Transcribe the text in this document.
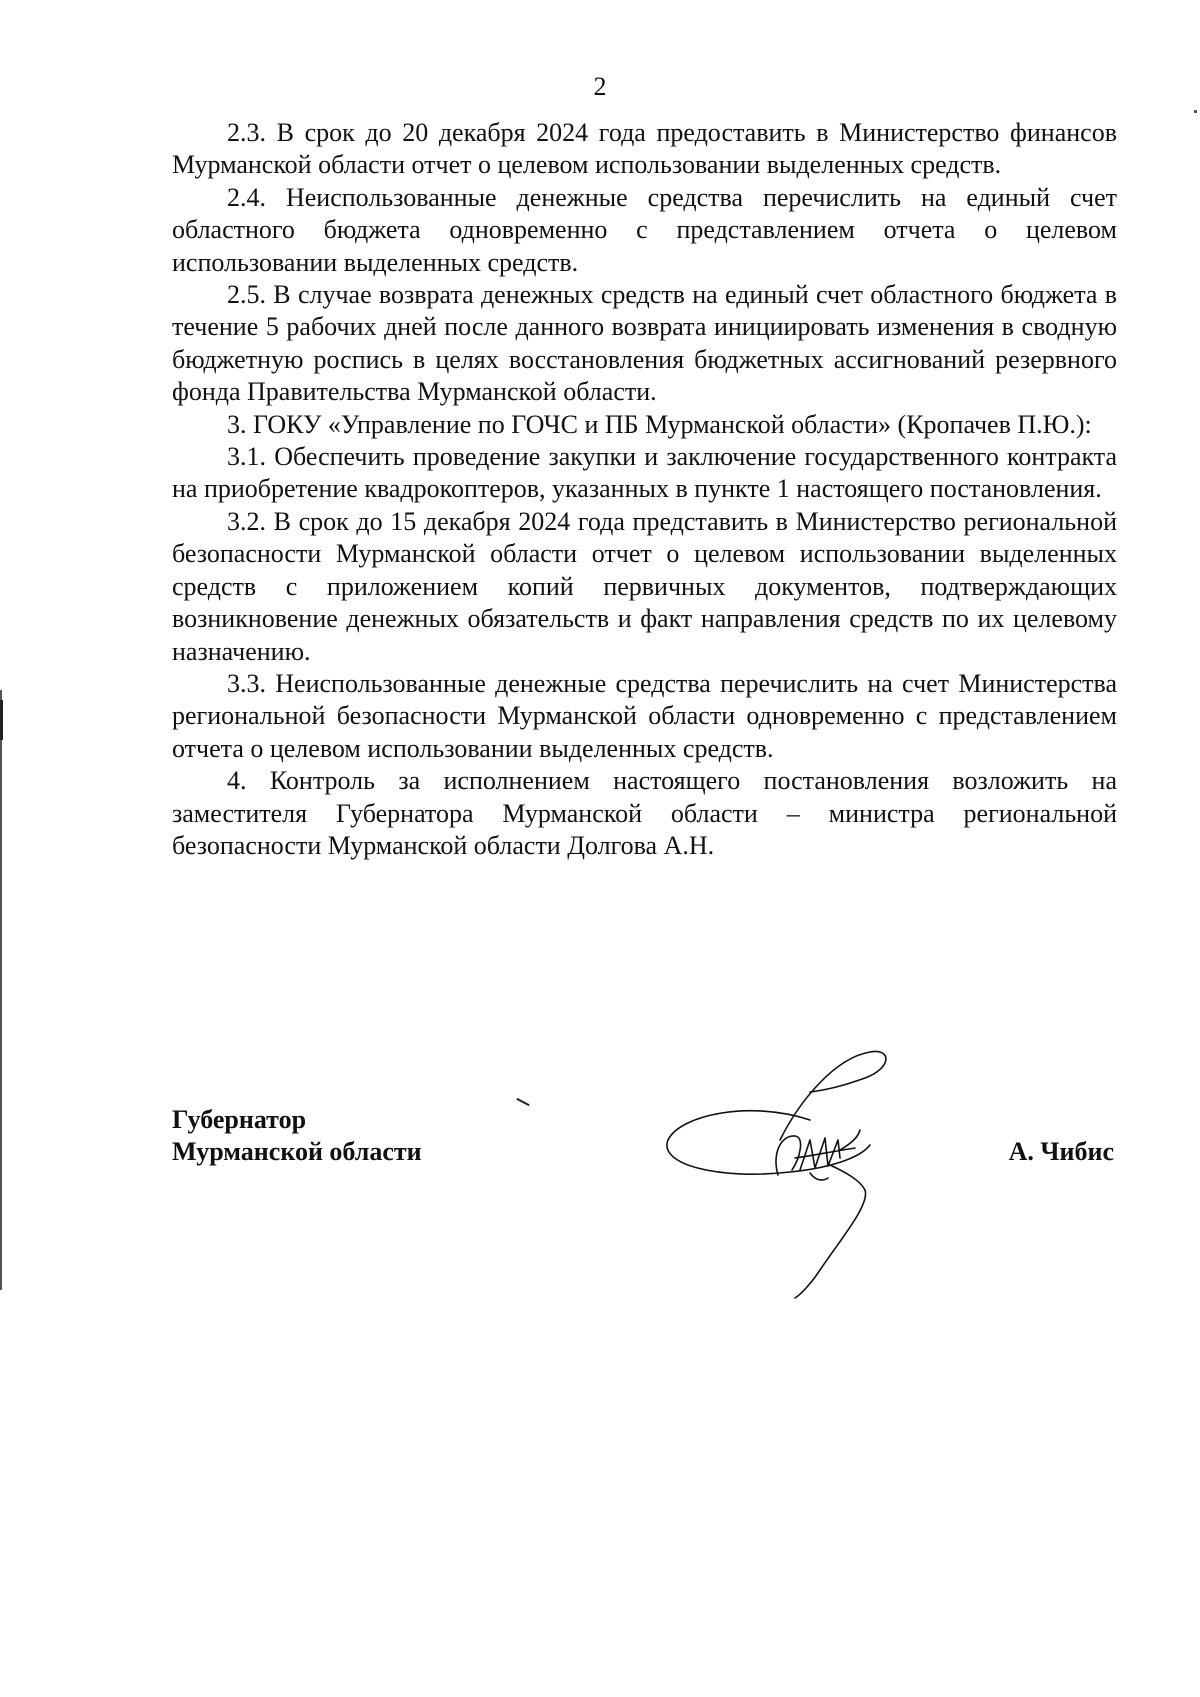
2

2.3. В срок до 20 декабря 2024 года предоставить в Министерство финансов Мурманской области отчет о целевом использовании выделенных средств.

2.4. Неиспользованные денежные средства перечислить на единый счет областного бюджета одновременно с представлением отчета о целевом использовании выделенных средств.

2.5. В случае возврата денежных средств на единый счет областного бюджета в течение 5 рабочих дней после данного возврата инициировать изменения в сводную бюджетную роспись в целях восстановления бюджетных ассигнований резервного фонда Правительства Мурманской области.

3. ГОКУ «Управление по ГОЧС и ПБ Мурманской области» (Кропачев П.Ю.):

3.1. Обеспечить проведение закупки и заключение государственного контракта на приобретение квадрокоптеров, указанных в пункте 1 настоящего постановления.

3.2. В срок до 15 декабря 2024 года представить в Министерство региональной безопасности Мурманской области отчет о целевом использовании выделенных средств с приложением копий первичных документов, подтверждающих возникновение денежных обязательств и факт направления средств по их целевому назначению.

3.3. Неиспользованные денежные средства перечислить на счет Министерства региональной безопасности Мурманской области одновременно с представлением отчета о целевом использовании выделенных средств.

4. Контроль за исполнением настоящего постановления возложить на заместителя Губернатора Мурманской области – министра региональной безопасности Мурманской области Долгова А.Н.

Губернатор
Мурманской области	А. Чибис
